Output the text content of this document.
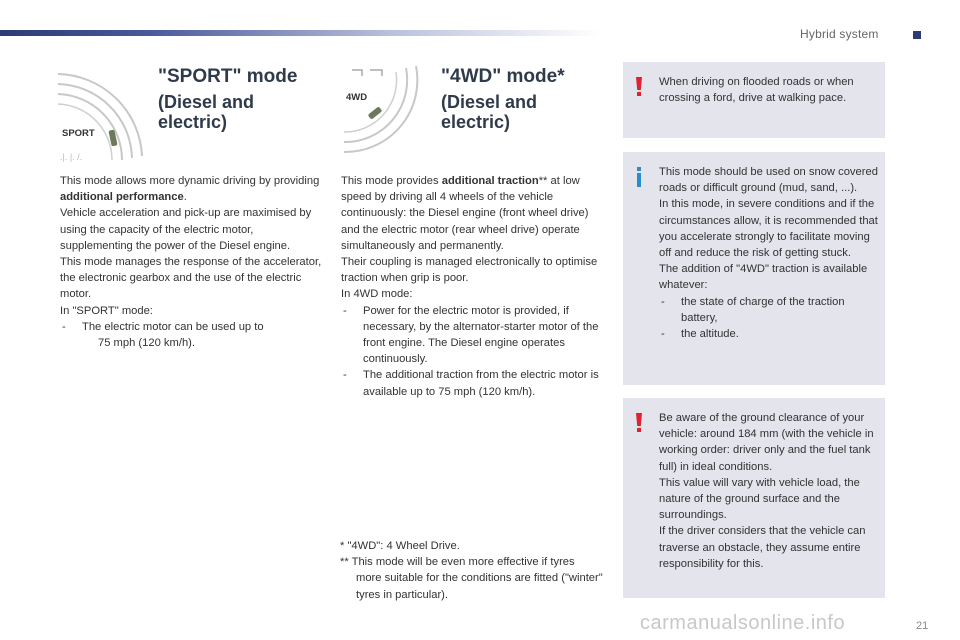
Hybrid system
SPORT
.|. |. /.
"SPORT" mode
(Diesel and
electric)

This mode allows more dynamic driving by providing additional performance.

Vehicle acceleration and pick-up are maximised by using the capacity of the electric motor, supplementing the power of the Diesel engine.

This mode manages the response of the accelerator, the electronic gearbox and the use of the electric motor.

In "SPORT" mode:

-	The electric motor can be used up to

75 mph (120 km/h).

4WD
"4WD" mode*
(Diesel and
electric)

This mode provides additional traction** at low speed by driving all 4 wheels of the vehicle continuously: the Diesel engine (front wheel drive) and the electric motor (rear wheel drive) operate simultaneously and permanently.

Their coupling is managed electronically to optimise traction when grip is poor.

In 4WD mode:

-	Power for the electric motor is provided, if necessary, by the alternator-starter motor of the front engine. The Diesel engine operates continuously.
-	The additional traction from the electric motor is available up to 75 mph (120 km/h).

* "4WD": 4 Wheel Drive.

** This mode will be even more effective if tyres

more suitable for the conditions are fitted ("winter" tyres in particular).

When driving on flooded roads or when crossing a ford, drive at walking pace.

This mode should be used on snow covered roads or difficult ground (mud, sand, ...).

In this mode, in severe conditions and if the circumstances allow, it is recommended that you accelerate strongly to facilitate moving off and reduce the risk of getting stuck.

The addition of "4WD" traction is available whatever:

-	the state of charge of the traction battery,
-	the altitude.

Be aware of the ground clearance of your vehicle: around 184 mm (with the vehicle in working order: driver only and the fuel tank full) in ideal conditions.

This value will vary with vehicle load, the nature of the ground surface and the surroundings.

If the driver considers that the vehicle can traverse an obstacle, they assume entire responsibility for this.

carmanualsonline.info	21
